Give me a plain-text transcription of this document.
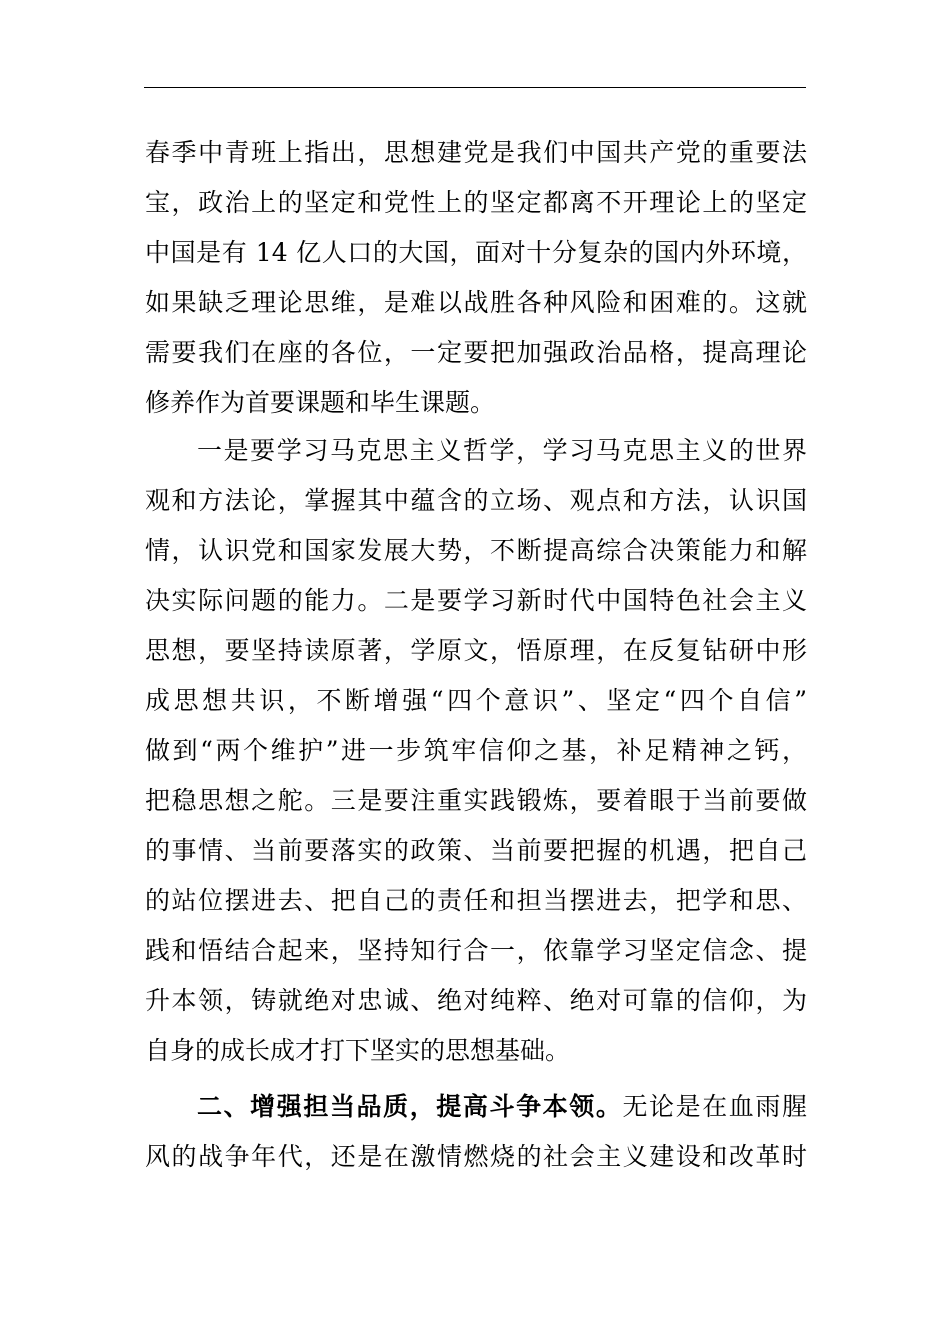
春季中青班上指出，思想建党是我们中国共产党的重要法
宝，政治上的坚定和党性上的坚定都离不开理论上的坚定
中国是有 14 亿人口的大国，面对十分复杂的国内外环境，
如果缺乏理论思维，是难以战胜各种风险和困难的。这就
需要我们在座的各位，一定要把加强政治品格，提高理论
修养作为首要课题和毕生课题。
一是要学习马克思主义哲学，学习马克思主义的世界
观和方法论，掌握其中蕴含的立场、观点和方法，认识国
情，认识党和国家发展大势，不断提高综合决策能力和解
决实际问题的能力。二是要学习新时代中国特色社会主义
思想，要坚持读原著，学原文，悟原理，在反复钻研中形
成思想共识，不断增强“四个意识”、坚定“四个自信”
做到“两个维护”进一步筑牢信仰之基，补足精神之钙，
把稳思想之舵。三是要注重实践锻炼，要着眼于当前要做
的事情、当前要落实的政策、当前要把握的机遇，把自己
的站位摆进去、把自己的责任和担当摆进去，把学和思、
践和悟结合起来，坚持知行合一，依靠学习坚定信念、提
升本领，铸就绝对忠诚、绝对纯粹、绝对可靠的信仰，为
自身的成长成才打下坚实的思想基础。
二、增强担当品质，提高斗争本领。无论是在血雨腥
风的战争年代，还是在激情燃烧的社会主义建设和改革时
